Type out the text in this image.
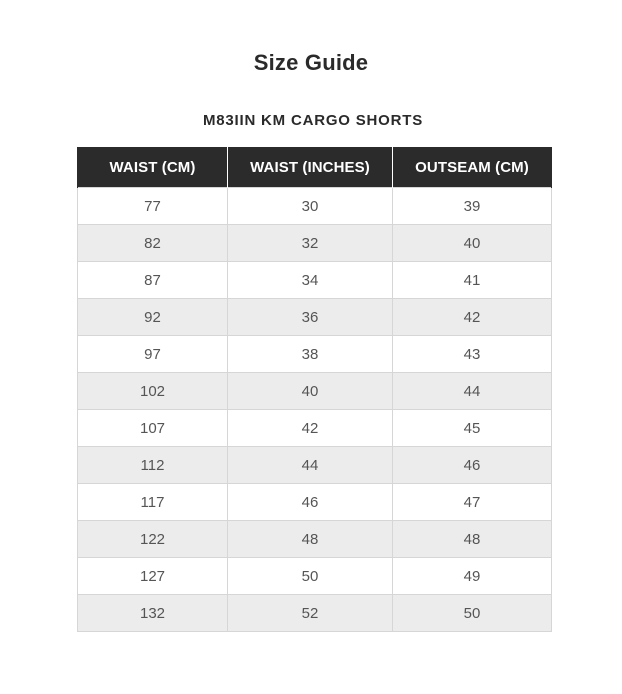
Size Guide
M83IIN KM CARGO SHORTS
WAIST (CM)	WAIST (INCHES)	OUTSEAM (CM)
77	30	39
82	32	40
87	34	41
92	36	42
97	38	43
102	40	44
107	42	45
112	44	46
117	46	47
122	48	48
127	50	49
132	52	50
